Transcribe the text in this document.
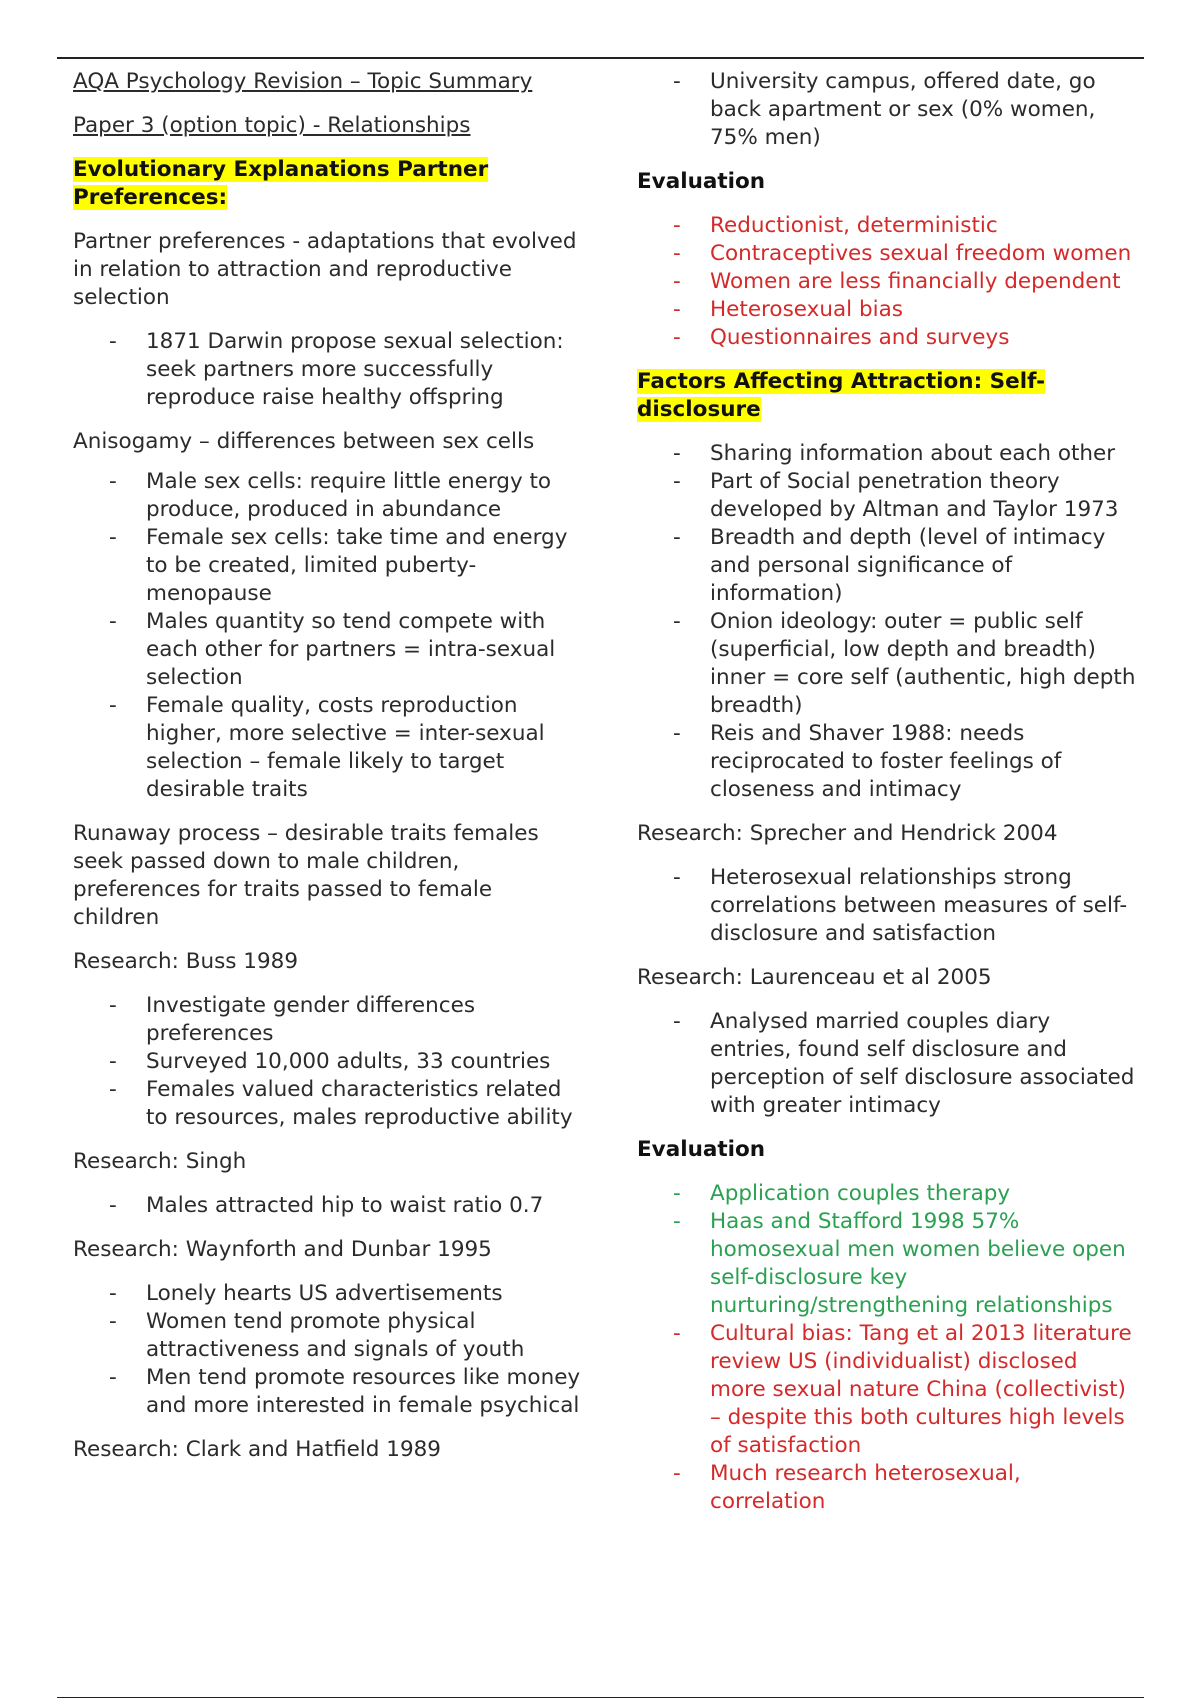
AQA Psychology Revision – Topic Summary

Paper 3 (option topic) - Relationships

Evolutionary Explanations Partner Preferences:

Partner preferences - adaptations that evolved in relation to attraction and reproductive selection

- 1871 Darwin propose sexual selection: seek partners more successfully reproduce raise healthy offspring

Anisogamy – differences between sex cells

- Male sex cells: require little energy to produce, produced in abundance
- Female sex cells: take time and energy to be created, limited puberty-menopause
- Males quantity so tend compete with each other for partners = intra-sexual selection
- Female quality, costs reproduction higher, more selective = inter-sexual selection – female likely to target desirable traits

Runaway process – desirable traits females seek passed down to male children, preferences for traits passed to female children

Research: Buss 1989

- Investigate gender differences preferences
- Surveyed 10,000 adults, 33 countries
- Females valued characteristics related to resources, males reproductive ability

Research: Singh

- Males attracted hip to waist ratio 0.7

Research: Waynforth and Dunbar 1995

- Lonely hearts US advertisements
- Women tend promote physical attractiveness and signals of youth
- Men tend promote resources like money and more interested in female psychical

Research: Clark and Hatfield 1989

- University campus, offered date, go back apartment or sex (0% women, 75% men)

Evaluation

- Reductionist, deterministic
- Contraceptives sexual freedom women
- Women are less financially dependent
- Heterosexual bias
- Questionnaires and surveys

Factors Affecting Attraction: Self-disclosure

- Sharing information about each other
- Part of Social penetration theory developed by Altman and Taylor 1973
- Breadth and depth (level of intimacy and personal significance of information)
- Onion ideology: outer = public self (superficial, low depth and breadth) inner = core self (authentic, high depth breadth)
- Reis and Shaver 1988: needs reciprocated to foster feelings of closeness and intimacy

Research: Sprecher and Hendrick 2004

- Heterosexual relationships strong correlations between measures of self-disclosure and satisfaction

Research: Laurenceau et al 2005

- Analysed married couples diary entries, found self disclosure and perception of self disclosure associated with greater intimacy

Evaluation

- Application couples therapy
- Haas and Stafford 1998 57% homosexual men women believe open self-disclosure key nurturing/strengthening relationships
- Cultural bias: Tang et al 2013 literature review US (individualist) disclosed more sexual nature China (collectivist) – despite this both cultures high levels of satisfaction
- Much research heterosexual, correlation
